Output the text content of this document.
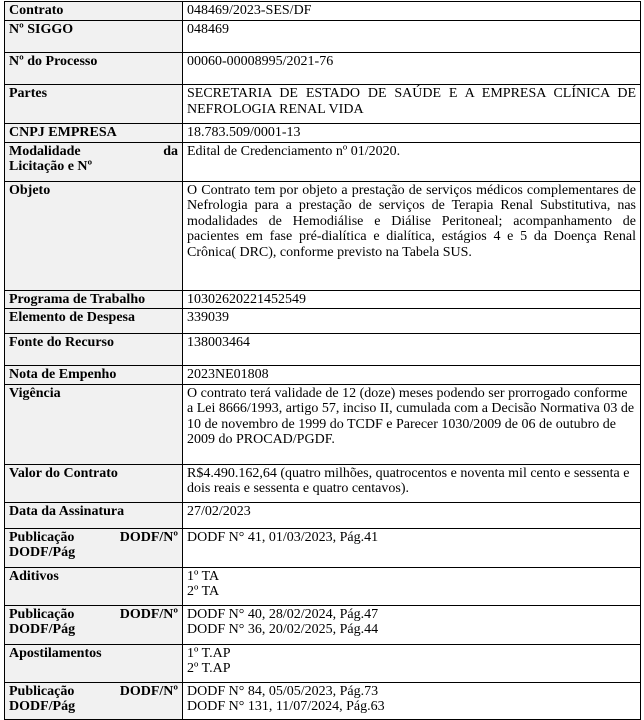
Contrato	048469/2023-SES/DF
Nº SIGGO	048469
Nº do Processo	00060-00008995/2021-76
Partes	SECRETARIA DE ESTADO DE SAÚDE E A EMPRESA CLÍNICA DE NEFROLOGIA RENAL VIDA
CNPJ EMPRESA	18.783.509/0001-13

Modalidade da
Licitação e Nº	Edital de Credenciamento nº 01/2020.
Objeto	O Contrato tem por objeto a prestação de serviços médicos complementares de Nefrologia para a prestação de serviços de Terapia Renal Substitutiva, nas modalidades de Hemodiálise e Diálise Peritoneal; acompanhamento de pacientes em fase pré-dialítica e dialítica, estágios 4 e 5 da Doença Renal Crônica( DRC), conforme previsto na Tabela SUS.
Programa de Trabalho	10302620221452549
Elemento de Despesa	339039
Fonte do Recurso	138003464
Nota de Empenho	2023NE01808
Vigência	O contrato terá validade de 12 (doze) meses podendo ser prorrogado conforme a Lei 8666/1993, artigo 57, inciso II, cumulada com a Decisão Normativa 03 de 10 de novembro de 1999 do TCDF e Parecer 1030/2009 de 06 de outubro de 2009 do PROCAD/PGDF.
Valor do Contrato	R$4.490.162,64 (quatro milhões, quatrocentos e noventa mil cento e sessenta e dois reais e sessenta e quatro centavos).
Data da Assinatura	27/02/2023

Publicação DODF/Nº
DODF/Pág	DODF N° 41, 01/03/2023, Pág.41
Aditivos	1º TA
2º TA

Publicação DODF/Nº
DODF/Pág	DODF N° 40, 28/02/2024, Pág.47
DODF N° 36, 20/02/2025, Pág.44

Apostilamentos	1º T.AP
2º T.AP

Publicação DODF/Nº
DODF/Pág	DODF N° 84, 05/05/2023, Pág.73
DODF N° 131, 11/07/2024, Pág.63
